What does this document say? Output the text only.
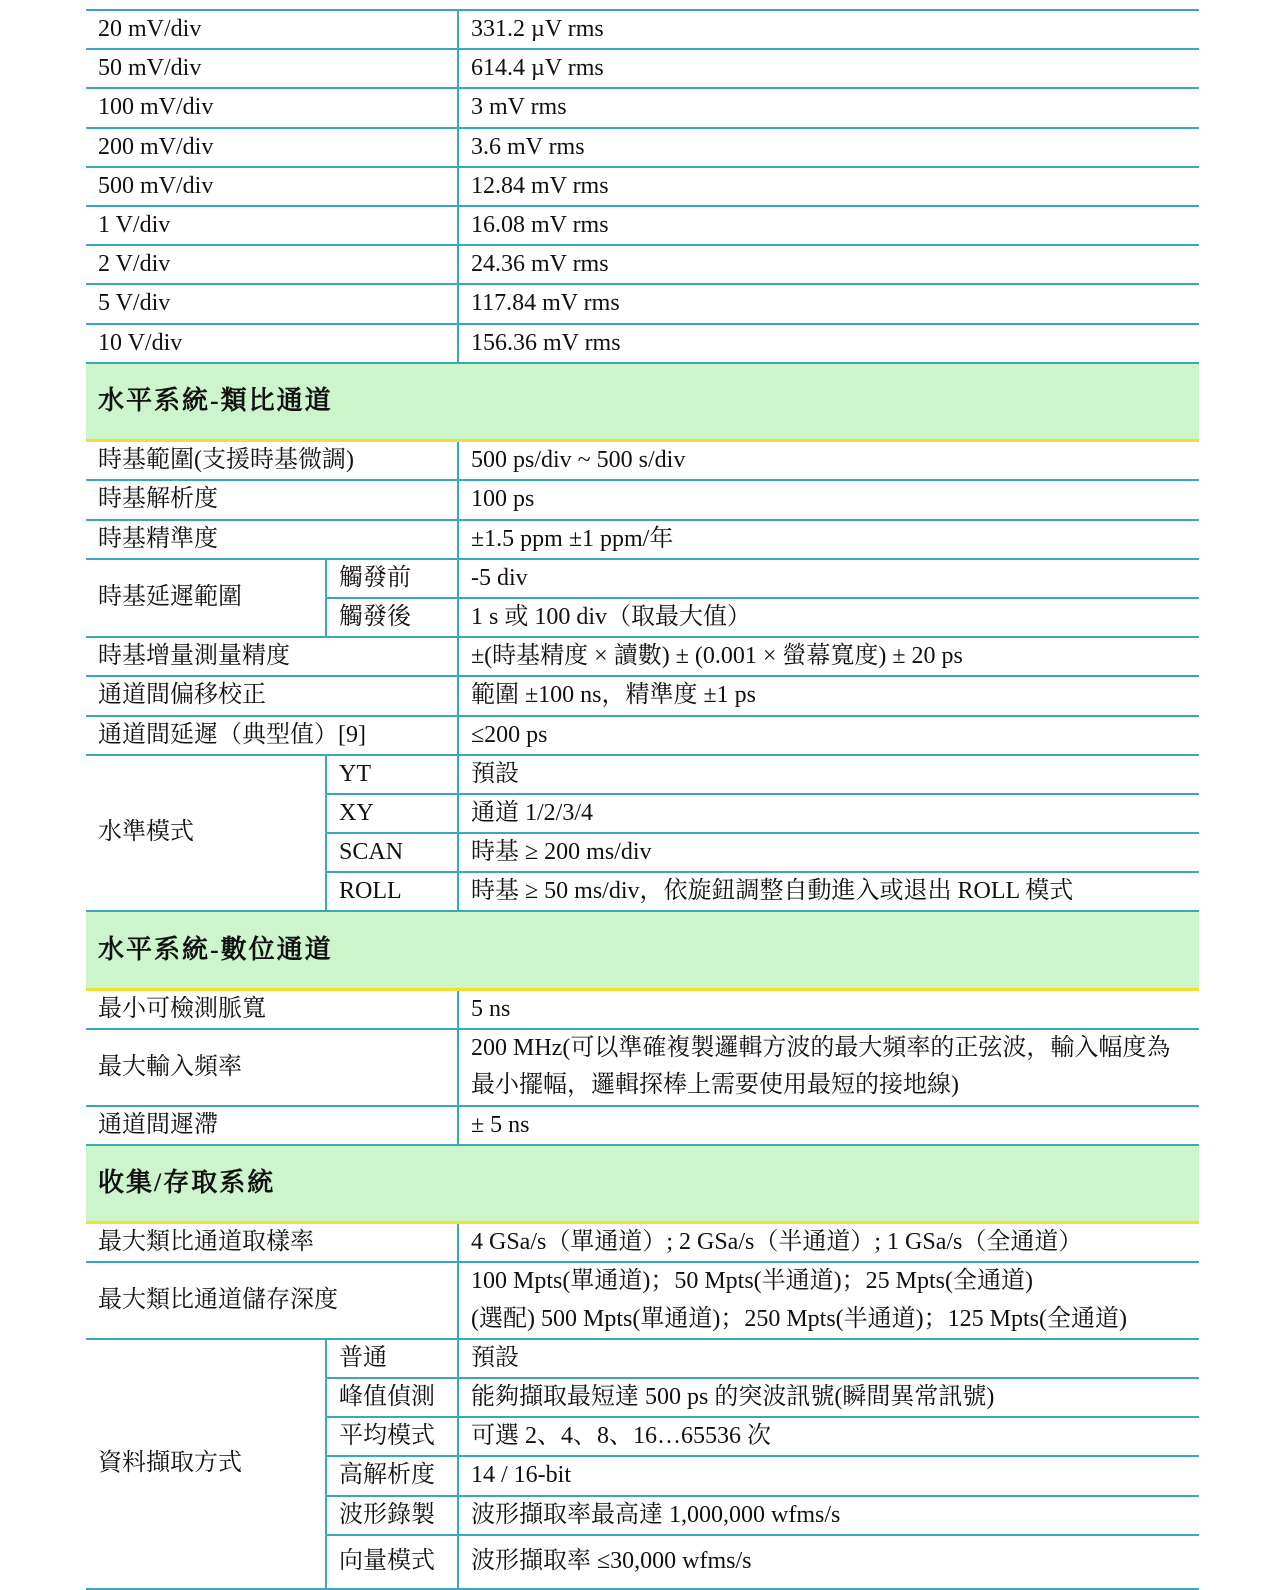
20 mV/div		331.2 µV rms
50 mV/div		614.4 µV rms
100 mV/div		3 mV rms
200 mV/div		3.6 mV rms
500 mV/div		12.84 mV rms
1 V/div		16.08 mV rms
2 V/div		24.36 mV rms
5 V/div		117.84 mV rms
10 V/div		156.36 mV rms
水平系統-類比通道		
時基範圍(支援時基微調)		500 ps/div ~ 500 s/div
時基解析度		100 ps
時基精準度		±1.5 ppm ±1 ppm/年
時基延遲範圍	觸發前	-5 div
	觸發後	1 s 或 100 div（取最大值）
時基增量測量精度		±(時基精度 × 讀數) ± (0.001 × 螢幕寬度) ± 20 ps
通道間偏移校正		範圍 ±100 ns，精準度 ±1 ps
通道間延遲（典型值）[9]		≤200 ps
水準模式	YT	預設
	XY	通道 1/2/3/4
	SCAN	時基 ≥ 200 ms/div
	ROLL	時基 ≥ 50 ms/div，依旋鈕調整自動進入或退出 ROLL 模式
水平系統-數位通道		
最小可檢測脈寬		5 ns
最大輸入頻率		200 MHz(可以準確複製邏輯方波的最大頻率的正弦波，輸入幅度為最小擺幅，邏輯探棒上需要使用最短的接地線)
通道間遲滯		± 5 ns
收集/存取系統		
最大類比通道取樣率		4 GSa/s（單通道）; 2 GSa/s（半通道）; 1 GSa/s（全通道）
最大類比通道儲存深度		100 Mpts(單通道)；50 Mpts(半通道)；25 Mpts(全通道)
(選配) 500 Mpts(單通道)；250 Mpts(半通道)；125 Mpts(全通道)

資料擷取方式	普通	預設
	峰值偵測	能夠擷取最短達 500 ps 的突波訊號(瞬間異常訊號)
	平均模式	可選 2、4、8、16…65536 次
	高解析度	14 / 16-bit
	波形錄製	波形擷取率最高達 1,000,000 wfms/s
	向量模式	波形擷取率 ≤30,000 wfms/s
